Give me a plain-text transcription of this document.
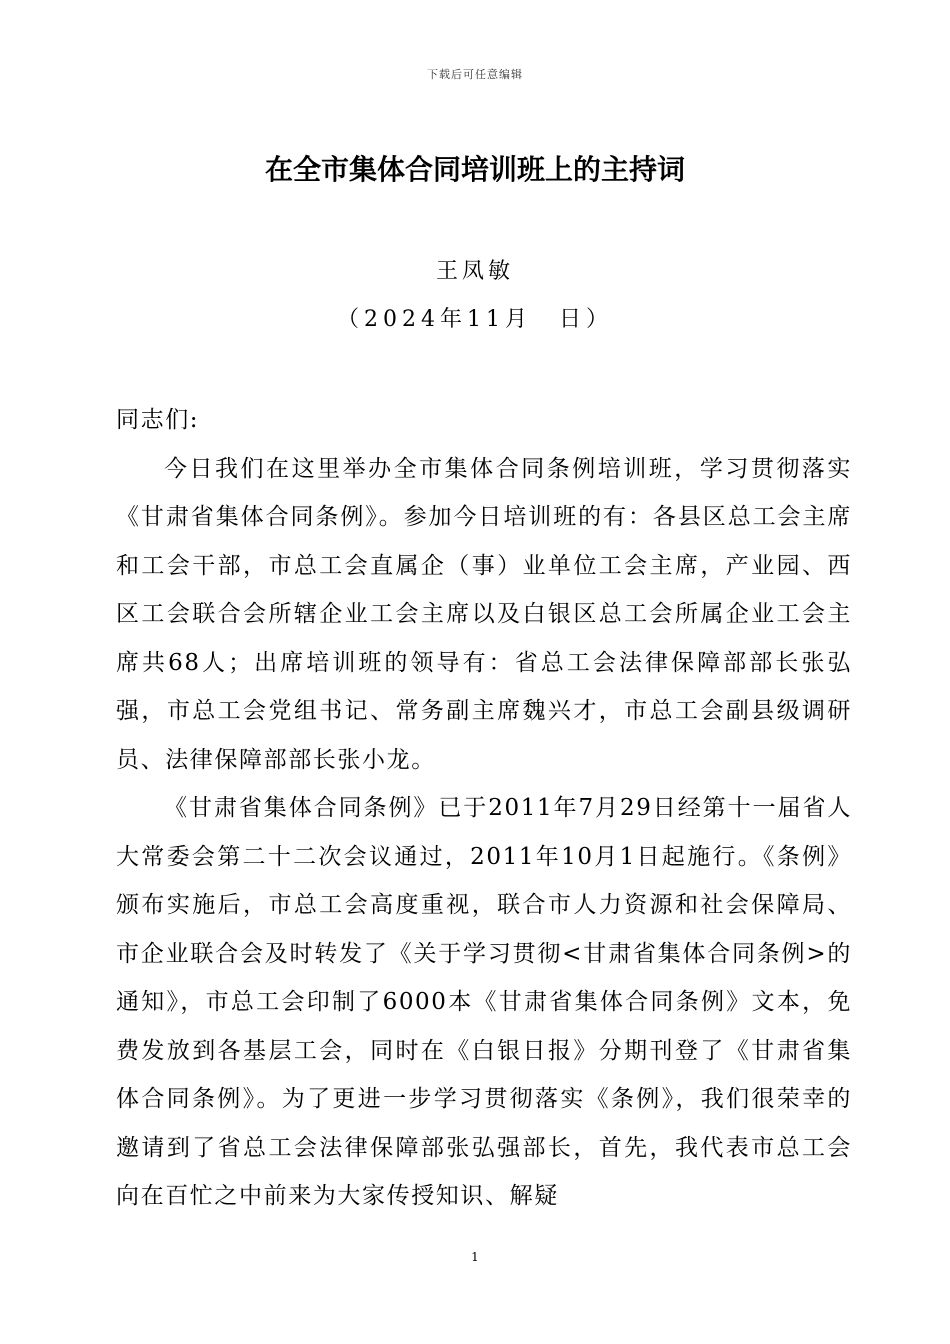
下载后可任意编辑
在全市集体合同培训班上的主持词
王凤敏
（2024年11月　日）

同志们:

今日我们在这里举办全市集体合同条例培训班，学习贯彻落实《甘肃省集体合同条例》。参加今日培训班的有：各县区总工会主席和工会干部，市总工会直属企（事）业单位工会主席，产业园、西区工会联合会所辖企业工会主席以及白银区总工会所属企业工会主席共68人；出席培训班的领导有：省总工会法律保障部部长张弘强，市总工会党组书记、常务副主席魏兴才，市总工会副县级调研员、法律保障部部长张小龙。

《甘肃省集体合同条例》已于2011年7月29日经第十一届省人大常委会第二十二次会议通过，2011年10月1日起施行。《条例》颁布实施后，市总工会高度重视，联合市人力资源和社会保障局、市企业联合会及时转发了《关于学习贯彻<甘肃省集体合同条例>的通知》，市总工会印制了6000本《甘肃省集体合同条例》文本，免费发放到各基层工会，同时在《白银日报》分期刊登了《甘肃省集体合同条例》。为了更进一步学习贯彻落实《条例》，我们很荣幸的邀请到了省总工会法律保障部张弘强部长，首先，我代表市总工会向在百忙之中前来为大家传授知识、解疑

1
